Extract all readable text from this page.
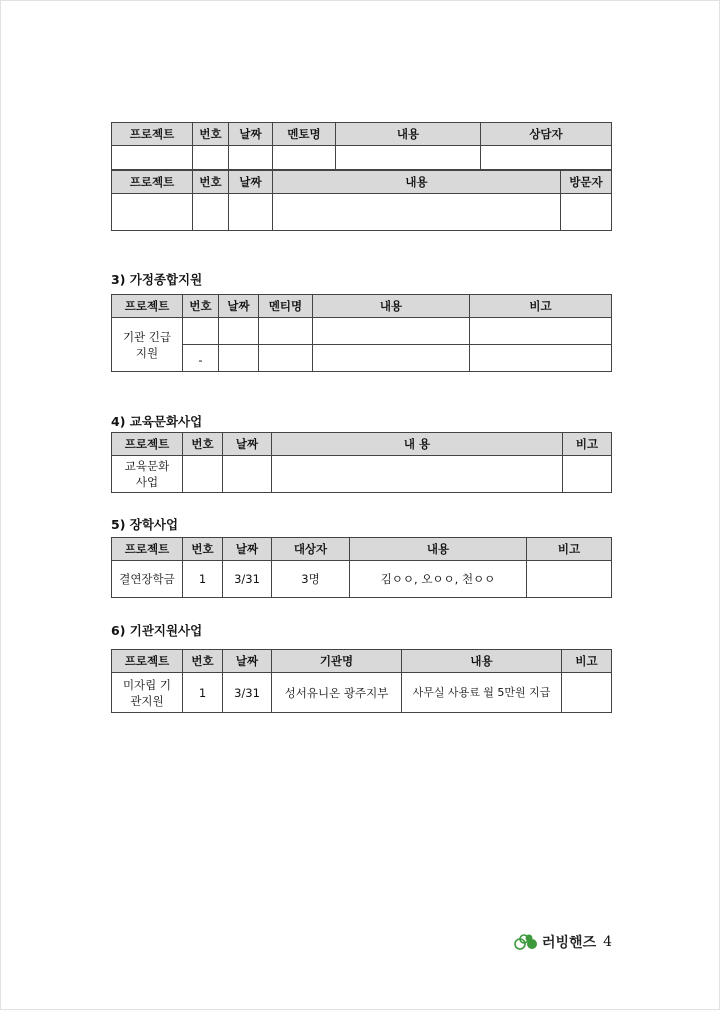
프로젝트	번호	날짜	멘토명	내용	상담자

프로젝트	번호	날짜	내용	방문자

3) 가정종합지원
프로젝트	번호	날짜	멘티명	내용	비고
기관 긴급지원					
	-				
4) 교육문화사업
프로젝트	번호	날짜	내 용	비고
교육문화 사업				
5) 장학사업
프로젝트	번호	날짜	대상자	내용	비고
결연장학금	1	3/31	3명	김ㅇㅇ, 오ㅇㅇ, 천ㅇㅇ	
6) 기관지원사업
프로젝트	번호	날짜	기관명	내용	비고
미자립 기관지원	1	3/31	성서유니온 광주지부	사무실 사용료 월 5만원 지급	
러빙핸즈 4
